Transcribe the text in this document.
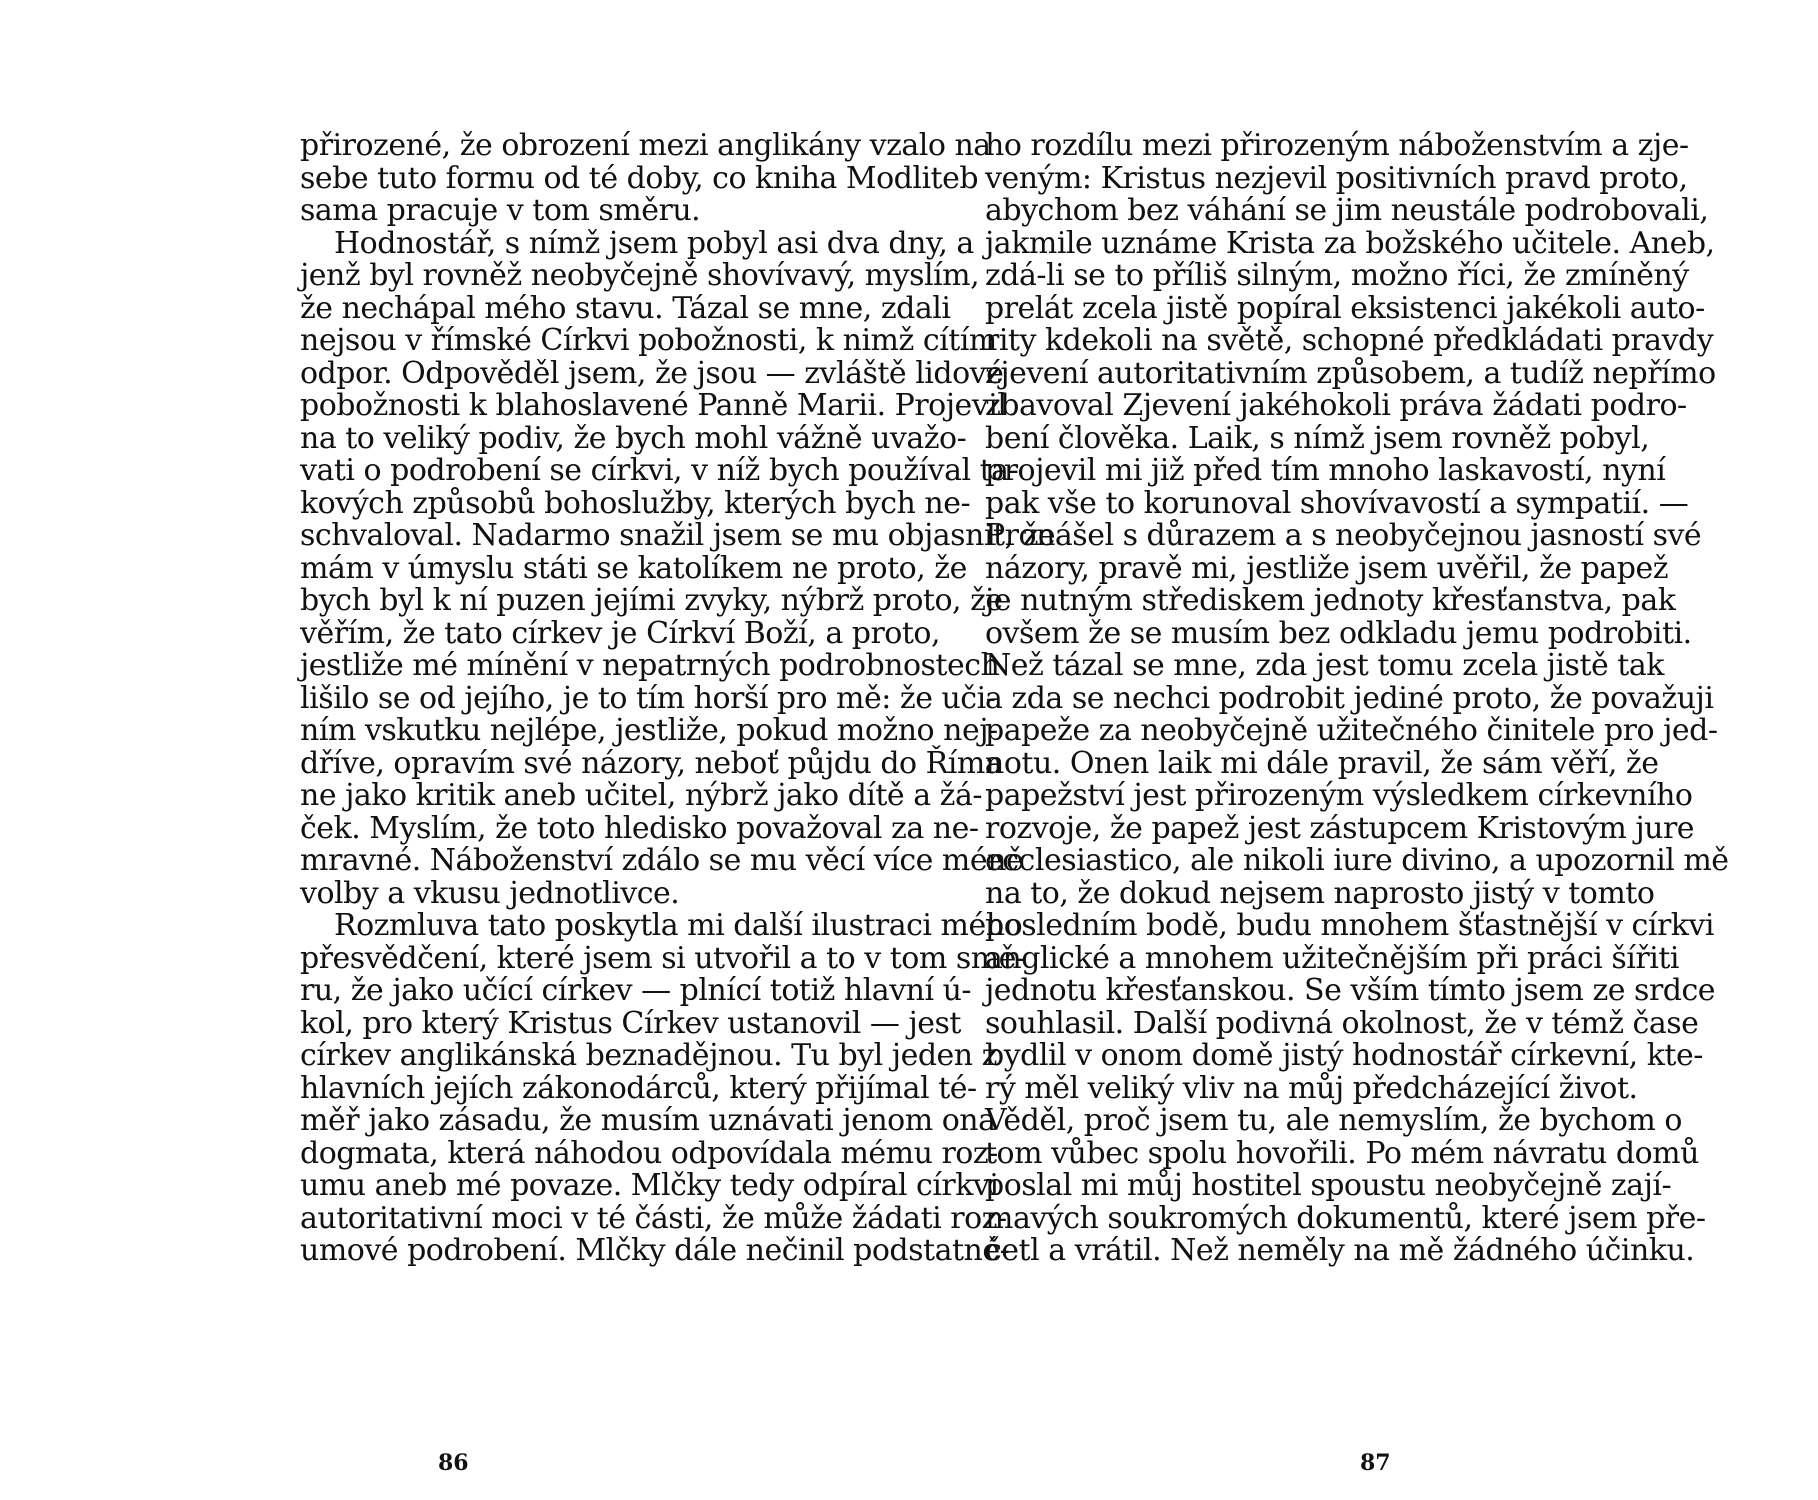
přirozené, že obrození mezi anglikány vzalo na
sebe tuto formu od té doby, co kniha Modliteb
sama pracuje v tom směru.
Hodnostář, s nímž jsem pobyl asi dva dny, a
jenž byl rovněž neobyčejně shovívavý, myslím,
že nechápal mého stavu. Tázal se mne, zdali
nejsou v římské Církvi pobožnosti, k nimž cítím
odpor. Odpověděl jsem, že jsou — zvláště lidové
pobožnosti k blahoslavené Panně Marii. Projevil
na to veliký podiv, že bych mohl vážně uvažo-
vati o podrobení se církvi, v níž bych používal ta-
kových způsobů bohoslužby, kterých bych ne-
schvaloval. Nadarmo snažil jsem se mu objasnit, že
mám v úmyslu státi se katolíkem ne proto, že
bych byl k ní puzen jejími zvyky, nýbrž proto, že
věřím, že tato církev je Církví Boží, a proto,
jestliže mé mínění v nepatrných podrobnostech
lišilo se od jejího, je to tím horší pro mě: že uči-
ním vskutku nejlépe, jestliže, pokud možno nej-
dříve, opravím své názory, neboť půjdu do Říma
ne jako kritik aneb učitel, nýbrž jako dítě a žá-
ček. Myslím, že toto hledisko považoval za ne-
mravné. Náboženství zdálo se mu věcí více méně
volby a vkusu jednotlivce.
Rozmluva tato poskytla mi další ilustraci mého
přesvědčení, které jsem si utvořil a to v tom smě-
ru, že jako učící církev — plnící totiž hlavní ú-
kol, pro který Kristus Církev ustanovil — jest
církev anglikánská beznadějnou. Tu byl jeden z
hlavních jejích zákonodárců, který přijímal té-
měř jako zásadu, že musím uznávati jenom ona
dogmata, která náhodou odpovídala mému roz-
umu aneb mé povaze. Mlčky tedy odpíral církvi
autoritativní moci v té části, že může žádati roz-
umové podrobení. Mlčky dále nečinil podstatné-
ho rozdílu mezi přirozeným náboženstvím a zje-
veným: Kristus nezjevil positivních pravd proto,
abychom bez váhání se jim neustále podrobovali,
jakmile uznáme Krista za božského učitele. Aneb,
zdá-li se to příliš silným, možno říci, že zmíněný
prelát zcela jistě popíral eksistenci jakékoli auto-
rity kdekoli na světě, schopné předkládati pravdy
zjevení autoritativním způsobem, a tudíž nepřímo
zbavoval Zjevení jakéhokoli práva žádati podro-
bení člověka. Laik, s nímž jsem rovněž pobyl,
projevil mi již před tím mnoho laskavostí, nyní
pak vše to korunoval shovívavostí a sympatií. —
Pronášel s důrazem a s neobyčejnou jasností své
názory, pravě mi, jestliže jsem uvěřil, že papež
je nutným střediskem jednoty křesťanstva, pak
ovšem že se musím bez odkladu jemu podrobiti.
Než tázal se mne, zda jest tomu zcela jistě tak
a zda se nechci podrobit jediné proto, že považuji
papeže za neobyčejně užitečného činitele pro jed-
notu. Onen laik mi dále pravil, že sám věří, že
papežství jest přirozeným výsledkem církevního
rozvoje, že papež jest zástupcem Kristovým jure
ecclesiastico, ale nikoli iure divino, a upozornil mě
na to, že dokud nejsem naprosto jistý v tomto
posledním bodě, budu mnohem šťastnější v církvi
anglické a mnohem užitečnějším při práci šířiti
jednotu křesťanskou. Se vším tímto jsem ze srdce
souhlasil. Další podivná okolnost, že v témž čase
bydlil v onom domě jistý hodnostář církevní, kte-
rý měl veliký vliv na můj předcházející život.
Věděl, proč jsem tu, ale nemyslím, že bychom o
tom vůbec spolu hovořili. Po mém návratu domů
poslal mi můj hostitel spoustu neobyčejně zají-
mavých soukromých dokumentů, které jsem pře-
četl a vrátil. Než neměly na mě žádného účinku.
86	87
